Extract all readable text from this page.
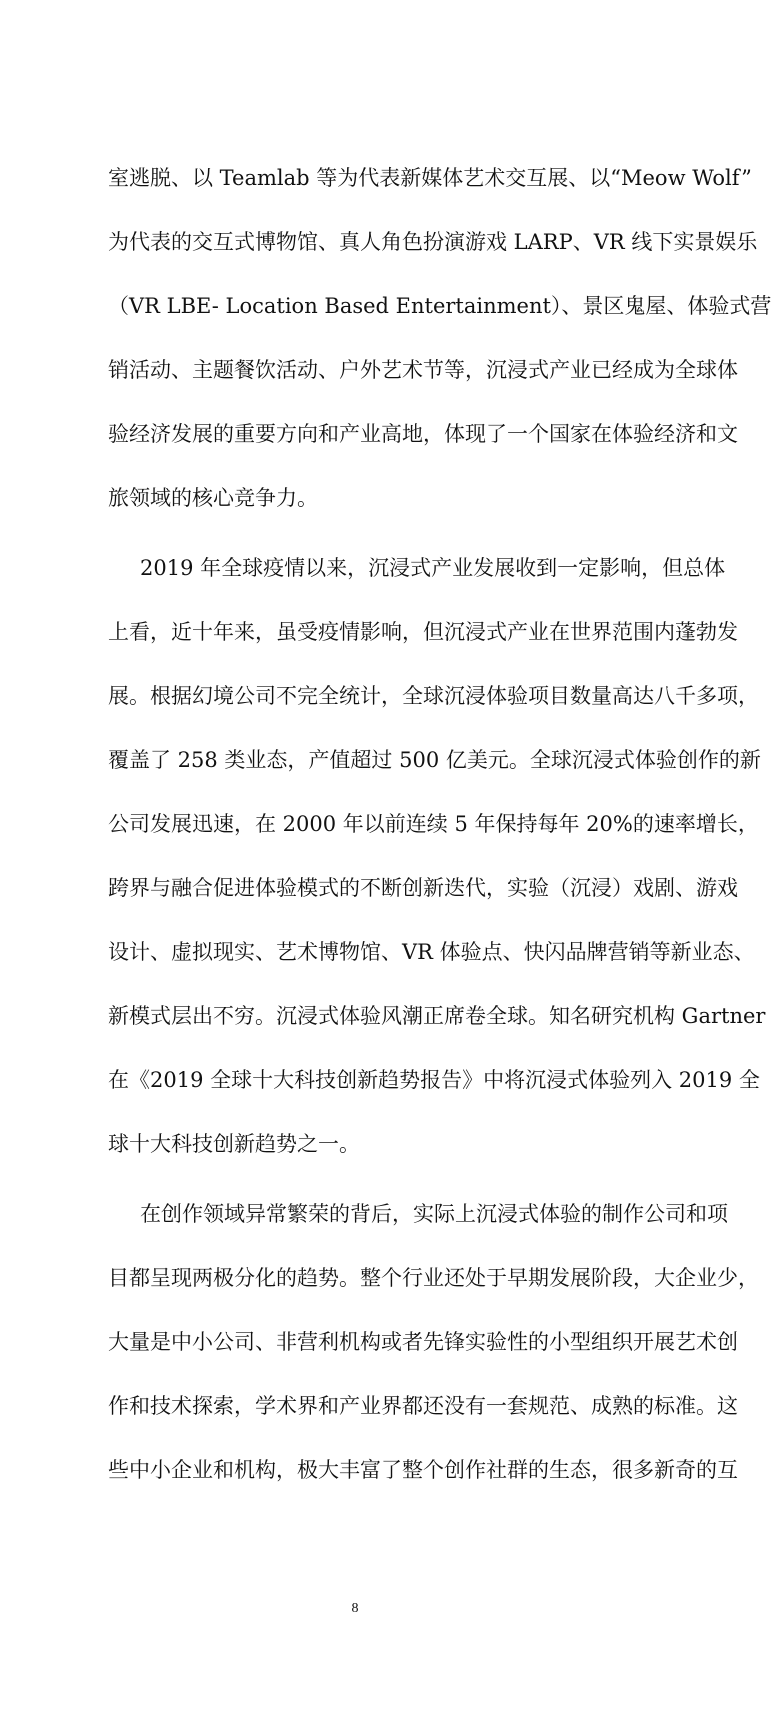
室逃脱、以 Teamlab 等为代表新媒体艺术交互展、以“Meow Wolf”
为代表的交互式博物馆、真人角色扮演游戏 LARP、VR 线下实景娱乐
（VR LBE- Location Based Entertainment）、景区鬼屋、体验式营
销活动、主题餐饮活动、户外艺术节等，沉浸式产业已经成为全球体
验经济发展的重要方向和产业高地，体现了一个国家在体验经济和文
旅领域的核心竞争力。
2019 年全球疫情以来，沉浸式产业发展收到一定影响，但总体
上看，近十年来，虽受疫情影响，但沉浸式产业在世界范围内蓬勃发
展。根据幻境公司不完全统计，全球沉浸体验项目数量高达八千多项，
覆盖了 258 类业态，产值超过 500 亿美元。全球沉浸式体验创作的新
公司发展迅速，在 2000 年以前连续 5 年保持每年 20%的速率增长，
跨界与融合促进体验模式的不断创新迭代，实验（沉浸）戏剧、游戏
设计、虚拟现实、艺术博物馆、VR 体验点、快闪品牌营销等新业态、
新模式层出不穷。沉浸式体验风潮正席卷全球。知名研究机构 Gartner
在《2019 全球十大科技创新趋势报告》中将沉浸式体验列入 2019 全
球十大科技创新趋势之一。
在创作领域异常繁荣的背后，实际上沉浸式体验的制作公司和项
目都呈现两极分化的趋势。整个行业还处于早期发展阶段，大企业少，
大量是中小公司、非营利机构或者先锋实验性的小型组织开展艺术创
作和技术探索，学术界和产业界都还没有一套规范、成熟的标准。这
些中小企业和机构，极大丰富了整个创作社群的生态，很多新奇的互
8
